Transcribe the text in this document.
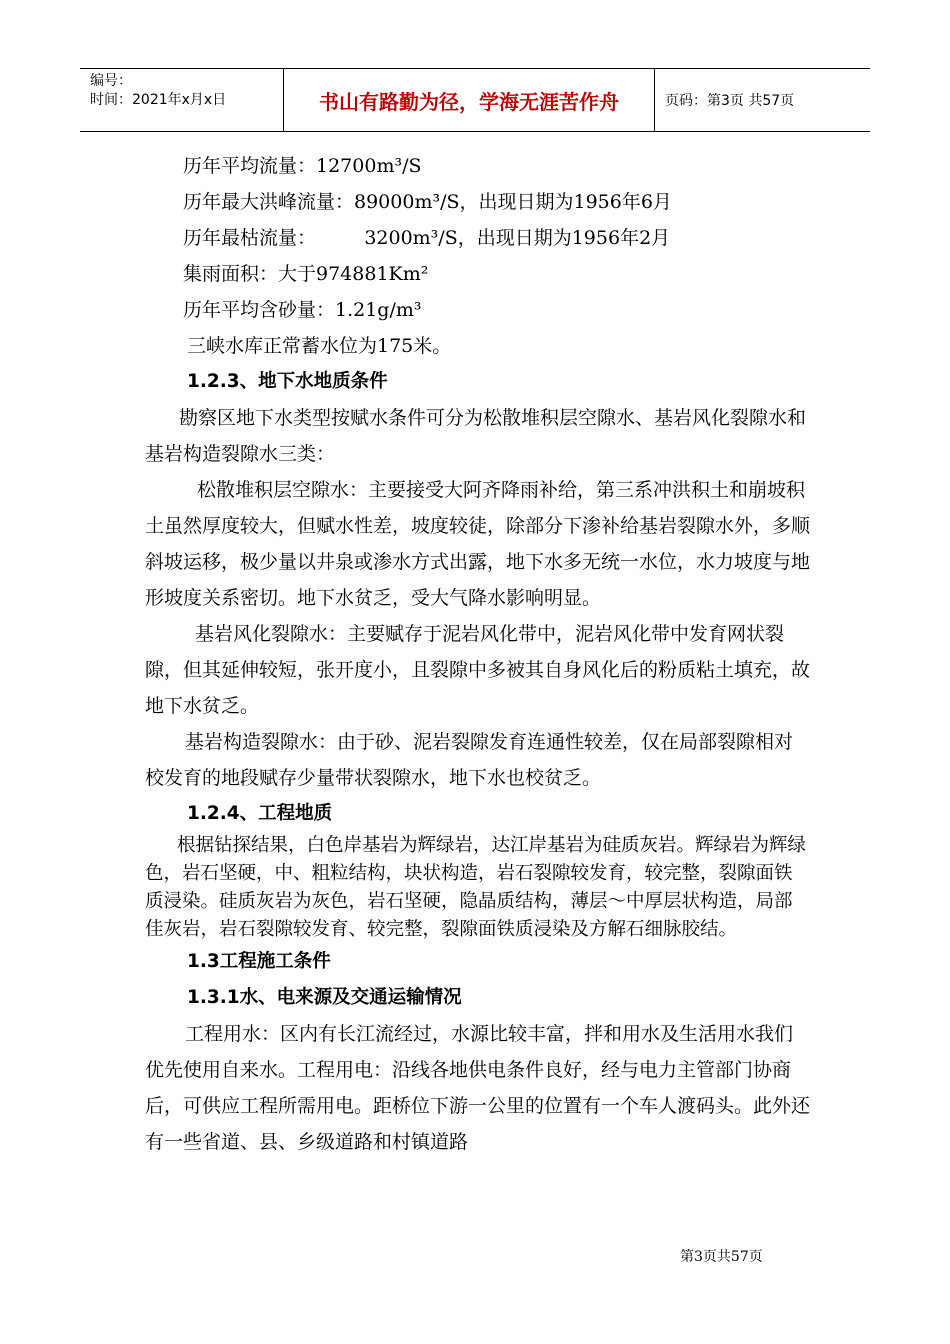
编号：
时间：2021年x月x日	书山有路勤为径，学海无涯苦作舟	页码：第3页 共57页
历年平均流量：12700m³/S
历年最大洪峰流量：89000m³/S，出现日期为1956年6月
历年最枯流量：        3200m³/S，出现日期为1956年2月
集雨面积：大于974881Km²
历年平均含砂量：1.21g/m³
三峡水库正常蓄水位为175米。
1.2.3、地下水地质条件
勘察区地下水类型按赋水条件可分为松散堆积层空隙水、基岩风化裂隙水和基岩构造裂隙水三类：
松散堆积层空隙水：主要接受大阿齐降雨补给，第三系冲洪积土和崩坡积土虽然厚度较大，但赋水性差，坡度较徒，除部分下渗补给基岩裂隙水外，多顺斜坡运移，极少量以井泉或渗水方式出露，地下水多无统一水位，水力坡度与地形坡度关系密切。地下水贫乏，受大气降水影响明显。
基岩风化裂隙水：主要赋存于泥岩风化带中，泥岩风化带中发育网状裂隙，但其延伸较短，张开度小，且裂隙中多被其自身风化后的粉质粘土填充，故地下水贫乏。
基岩构造裂隙水：由于砂、泥岩裂隙发育连通性较差，仅在局部裂隙相对校发育的地段赋存少量带状裂隙水，地下水也校贫乏。
1.2.4、工程地质
根据钻探结果，白色岸基岩为辉绿岩，达江岸基岩为硅质灰岩。辉绿岩为辉绿色，岩石坚硬，中、粗粒结构，块状构造，岩石裂隙较发育，较完整，裂隙面铁质浸染。硅质灰岩为灰色，岩石坚硬，隐晶质结构，薄层～中厚层状构造，局部佳灰岩，岩石裂隙较发育、较完整，裂隙面铁质浸染及方解石细脉胶结。
1.3工程施工条件
1.3.1水、电来源及交通运输情况
工程用水：区内有长江流经过，水源比较丰富，拌和用水及生活用水我们优先使用自来水。工程用电：沿线各地供电条件良好，经与电力主管部门协商后，可供应工程所需用电。距桥位下游一公里的位置有一个车人渡码头。此外还有一些省道、县、乡级道路和村镇道路
第3页共57页
